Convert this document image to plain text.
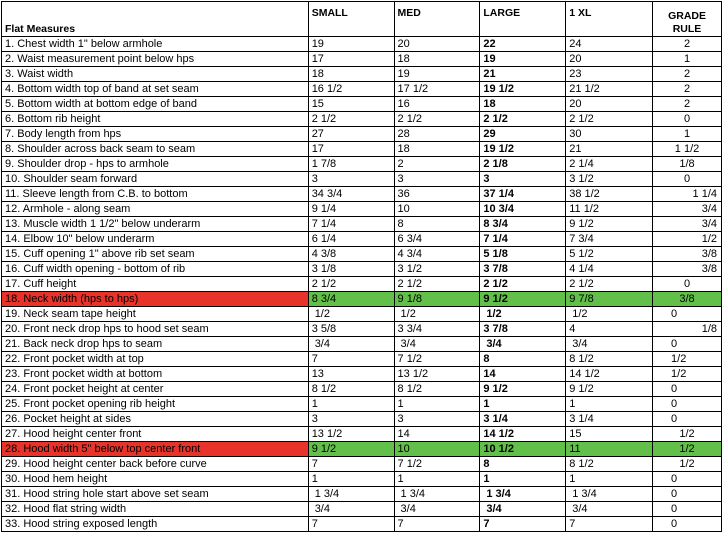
Flat Measures	SMALL	MED	LARGE	1 XL	GRADE
RULE
1. Chest width 1" below armhole	19	20	22	24	2
2. Waist measurement point below hps	17	18	19	20	1
3. Waist width	18	19	21	23	2
4. Bottom width top of band at set seam	16 1/2	17 1/2	19 1/2	21 1/2	2
5. Bottom width at bottom edge of band	15	16	18	20	2
6. Bottom rib height	2 1/2	2 1/2	2 1/2	2 1/2	0
7. Body length from hps	27	28	29	30	1
8. Shoulder across back seam to seam	17	18	19 1/2	21	1 1/2
9. Shoulder drop - hps to armhole	1 7/8	2	2 1/8	2 1/4	1/8
10. Shoulder seam forward	3	3	3	3 1/2	0
11. Sleeve length from C.B. to bottom	34 3/4	36	37 1/4	38 1/2	1 1/4
12. Armhole - along seam	9 1/4	10	10 3/4	11 1/2	3/4
13. Muscle width 1 1/2" below underarm	7 1/4	8	8 3/4	9 1/2	3/4
14. Elbow 10" below underarm	6 1/4	6 3/4	7 1/4	7 3/4	1/2
15. Cuff opening 1" above rib set seam	4 3/8	4 3/4	5 1/8	5 1/2	3/8
16. Cuff width opening - bottom of rib	3 1/8	3 1/2	3 7/8	4 1/4	3/8
17. Cuff height	2 1/2	2 1/2	2 1/2	2 1/2	0
18. Neck width (hps to hps)	8 3/4	9 1/8	9 1/2	9 7/8	3/8
19. Neck seam tape height	1/2	1/2	1/2	1/2	0
20. Front neck drop hps to hood set seam	3 5/8	3 3/4	3 7/8	4	1/8
21. Back neck drop hps to seam	3/4	3/4	3/4	3/4	0
22. Front pocket width at top	7	7 1/2	8	8 1/2	1/2
23. Front pocket width at bottom	13	13 1/2	14	14 1/2	1/2
24. Front pocket height at center	8 1/2	8 1/2	9 1/2	9 1/2	0
25. Front pocket opening rib height	1	1	1	1	0
26. Pocket height at sides	3	3	3 1/4	3 1/4	0
27. Hood height center front	13 1/2	14	14 1/2	15	1/2
28. Hood width 5" below top center front	9 1/2	10	10 1/2	11	1/2
29. Hood height center back before curve	7	7 1/2	8	8 1/2	1/2
30. Hood hem height	1	1	1	1	0
31. Hood string hole start above set seam	1 3/4	1 3/4	1 3/4	1 3/4	0
32. Hood flat string width	3/4	3/4	3/4	3/4	0
33. Hood string exposed length	7	7	7	7	0
